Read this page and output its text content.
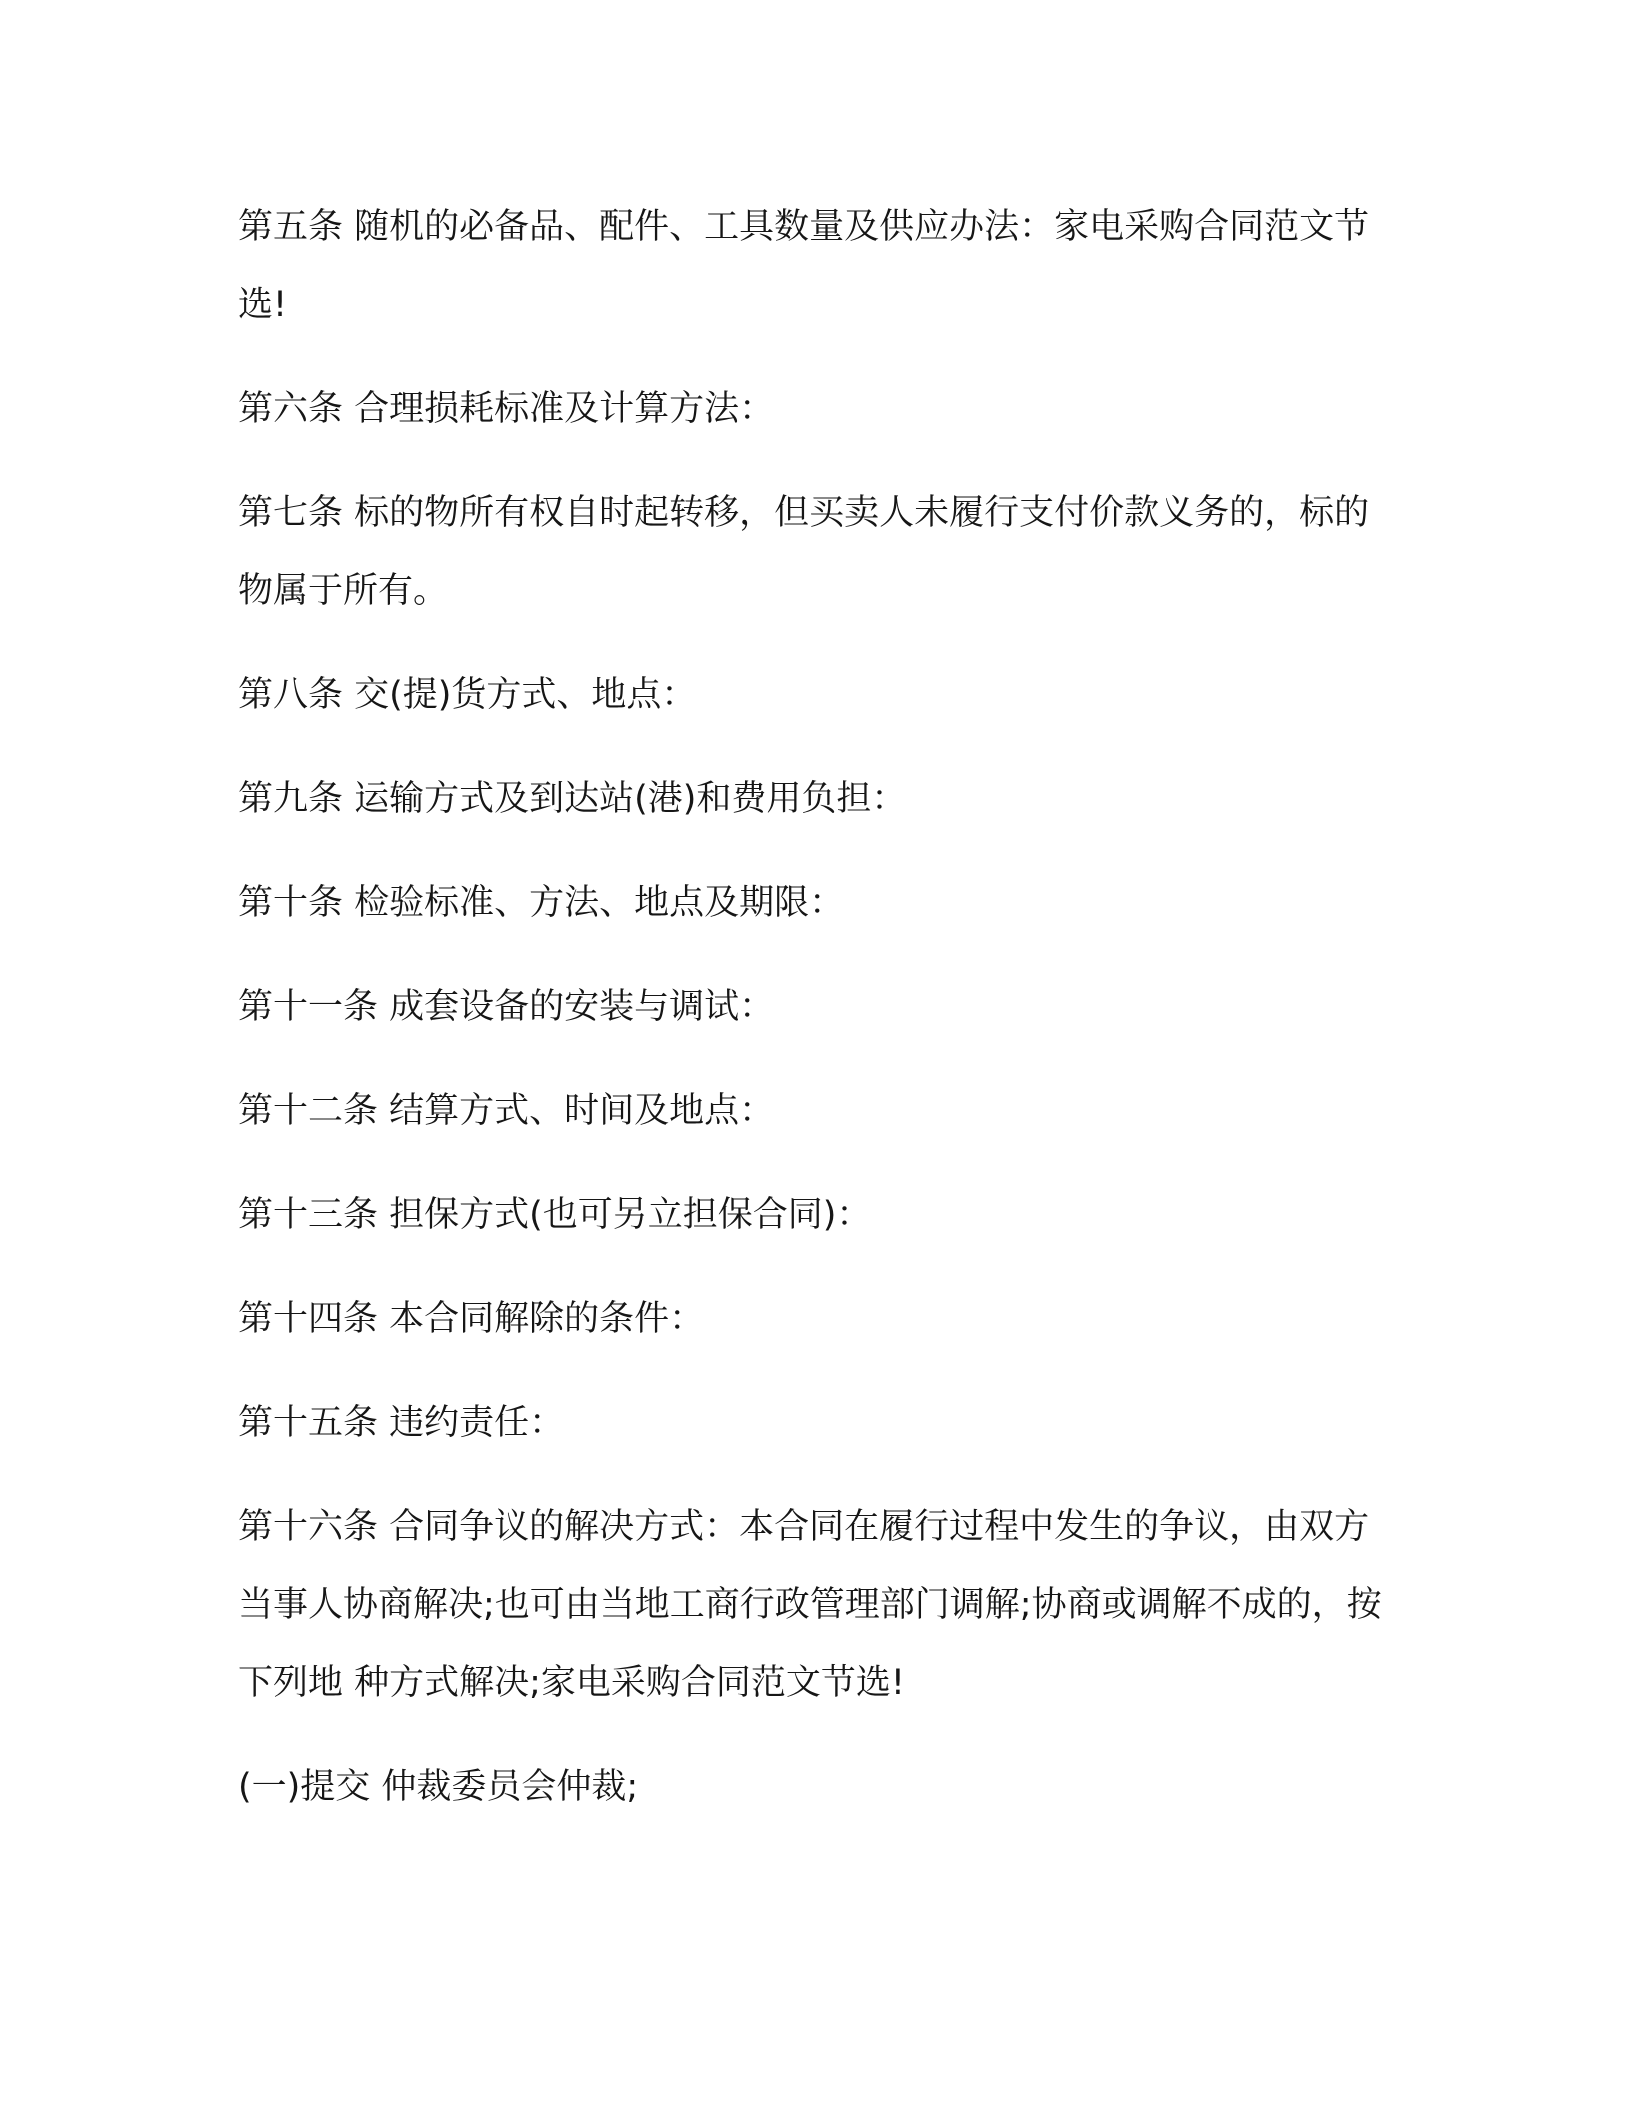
第五条 随机的必备品、配件、工具数量及供应办法：家电采购合同范文节选!

第六条 合理损耗标准及计算方法：

第七条 标的物所有权自时起转移，但买卖人未履行支付价款义务的，标的物属于所有。

第八条 交(提)货方式、地点：

第九条 运输方式及到达站(港)和费用负担：

第十条 检验标准、方法、地点及期限：

第十一条 成套设备的安装与调试：

第十二条 结算方式、时间及地点：

第十三条 担保方式(也可另立担保合同)：

第十四条 本合同解除的条件：

第十五条 违约责任：

第十六条 合同争议的解决方式：本合同在履行过程中发生的争议，由双方当事人协商解决;也可由当地工商行政管理部门调解;协商或调解不成的，按下列地 种方式解决;家电采购合同范文节选!

(一)提交 仲裁委员会仲裁;
